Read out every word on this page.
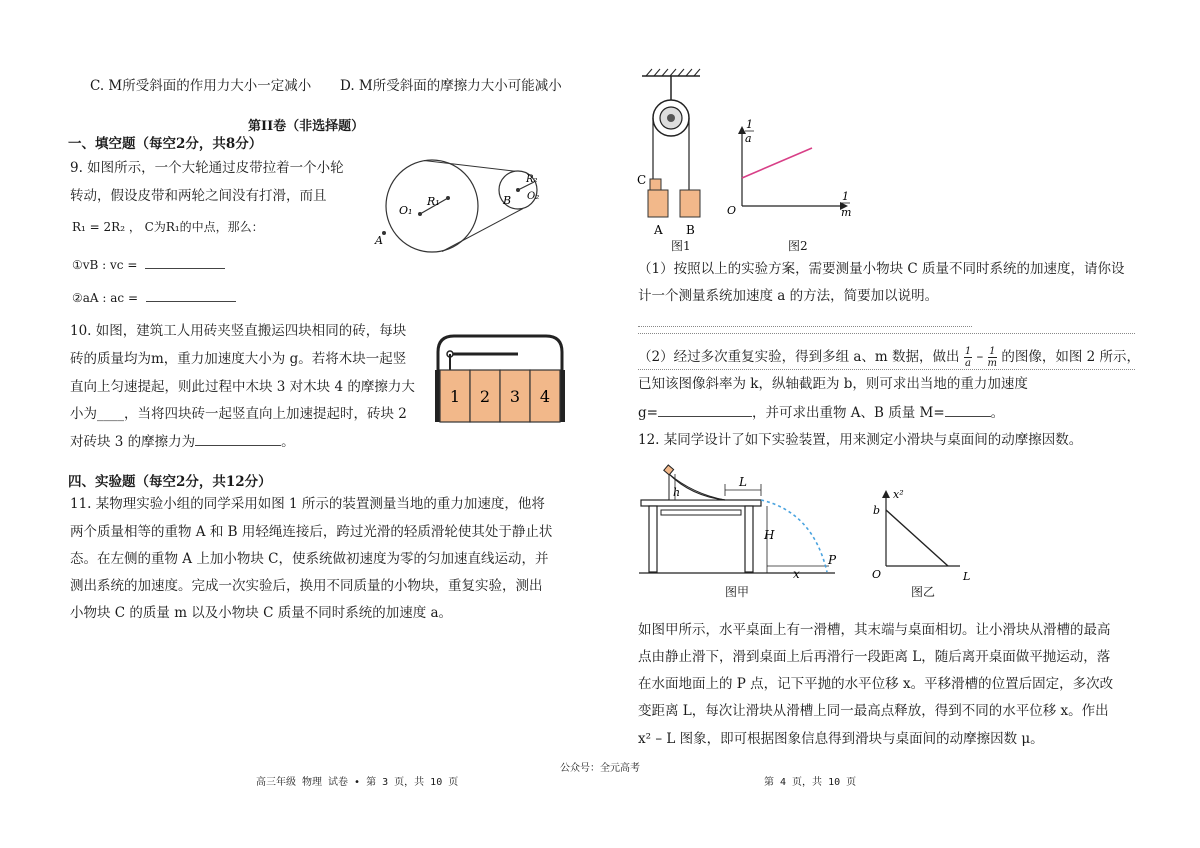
C. M所受斜面的作用力大小一定减小 D. M所受斜面的摩擦力大小可能减小
第II卷（非选择题）
一、填空题（每空2分，共8分）
9. 如图所示，一个大轮通过皮带拉着一个小轮
转动，假设皮带和两轮之间没有打滑，而且
R₁ = 2R₂ ， C为R₁的中点，那么：
①vB : vc =
②aA : ac =
O₁
R₁
A
B
R₂
O₂
10. 如图，建筑工人用砖夹竖直搬运四块相同的砖，每块
砖的质量均为m，重力加速度大小为 g。若将木块一起竖
直向上匀速提起，则此过程中木块 3 对木块 4 的摩擦力大
小为____，当将四块砖一起竖直向上加速提起时，砖块 2
对砖块 3 的摩擦力为	。
1 2 3 4
四、实验题（每空2分，共12分）
11. 某物理实验小组的同学采用如图 1 所示的装置测量当地的重力加速度，他将
两个质量相等的重物 A 和 B 用轻绳连接后，跨过光滑的轻质滑轮使其处于静止状
态。在左侧的重物 A 上加小物块 C，使系统做初速度为零的匀加速直线运动，并
测出系统的加速度。完成一次实验后，换用不同质量的小物块，重复实验，测出
小物块 C 的质量 m 以及小物块 C 质量不同时系统的加速度 a。
C
A B
图1
1
a
1
m
O
图2
（1）按照以上的实验方案，需要测量小物块 C 质量不同时系统的加速度，请你设
计一个测量系统加速度 a 的方法，简要加以说明。
（2）经过多次重复实验，得到多组 a、m 数据，做出 $\frac{1}{a} - \frac{1}{m}$ 的图像，如图 2 所示，
已知该图像斜率为 k，纵轴截距为 b，则可求出当地的重力加速度
g=	，并可求出重物 A、B 质量 M=	。
12. 某同学设计了如下实验装置，用来测定小滑块与桌面间的动摩擦因数。
h
L
H
x
P
图甲
x²
b
O	L
图乙
如图甲所示，水平桌面上有一滑槽，其末端与桌面相切。让小滑块从滑槽的最高
点由静止滑下，滑到桌面上后再滑行一段距离 L，随后离开桌面做平抛运动，落
在水面地面上的 P 点，记下平抛的水平位移 x。平移滑槽的位置后固定，多次改
变距离 L，每次让滑块从滑槽上同一最高点释放，得到不同的水平位移 x。作出
x² – L 图象，即可根据图象信息得到滑块与桌面间的动摩擦因数 μ。
公众号：全元高考
高三年级 物理 试卷 • 第 3 页，共 10 页	第 4 页，共 10 页
